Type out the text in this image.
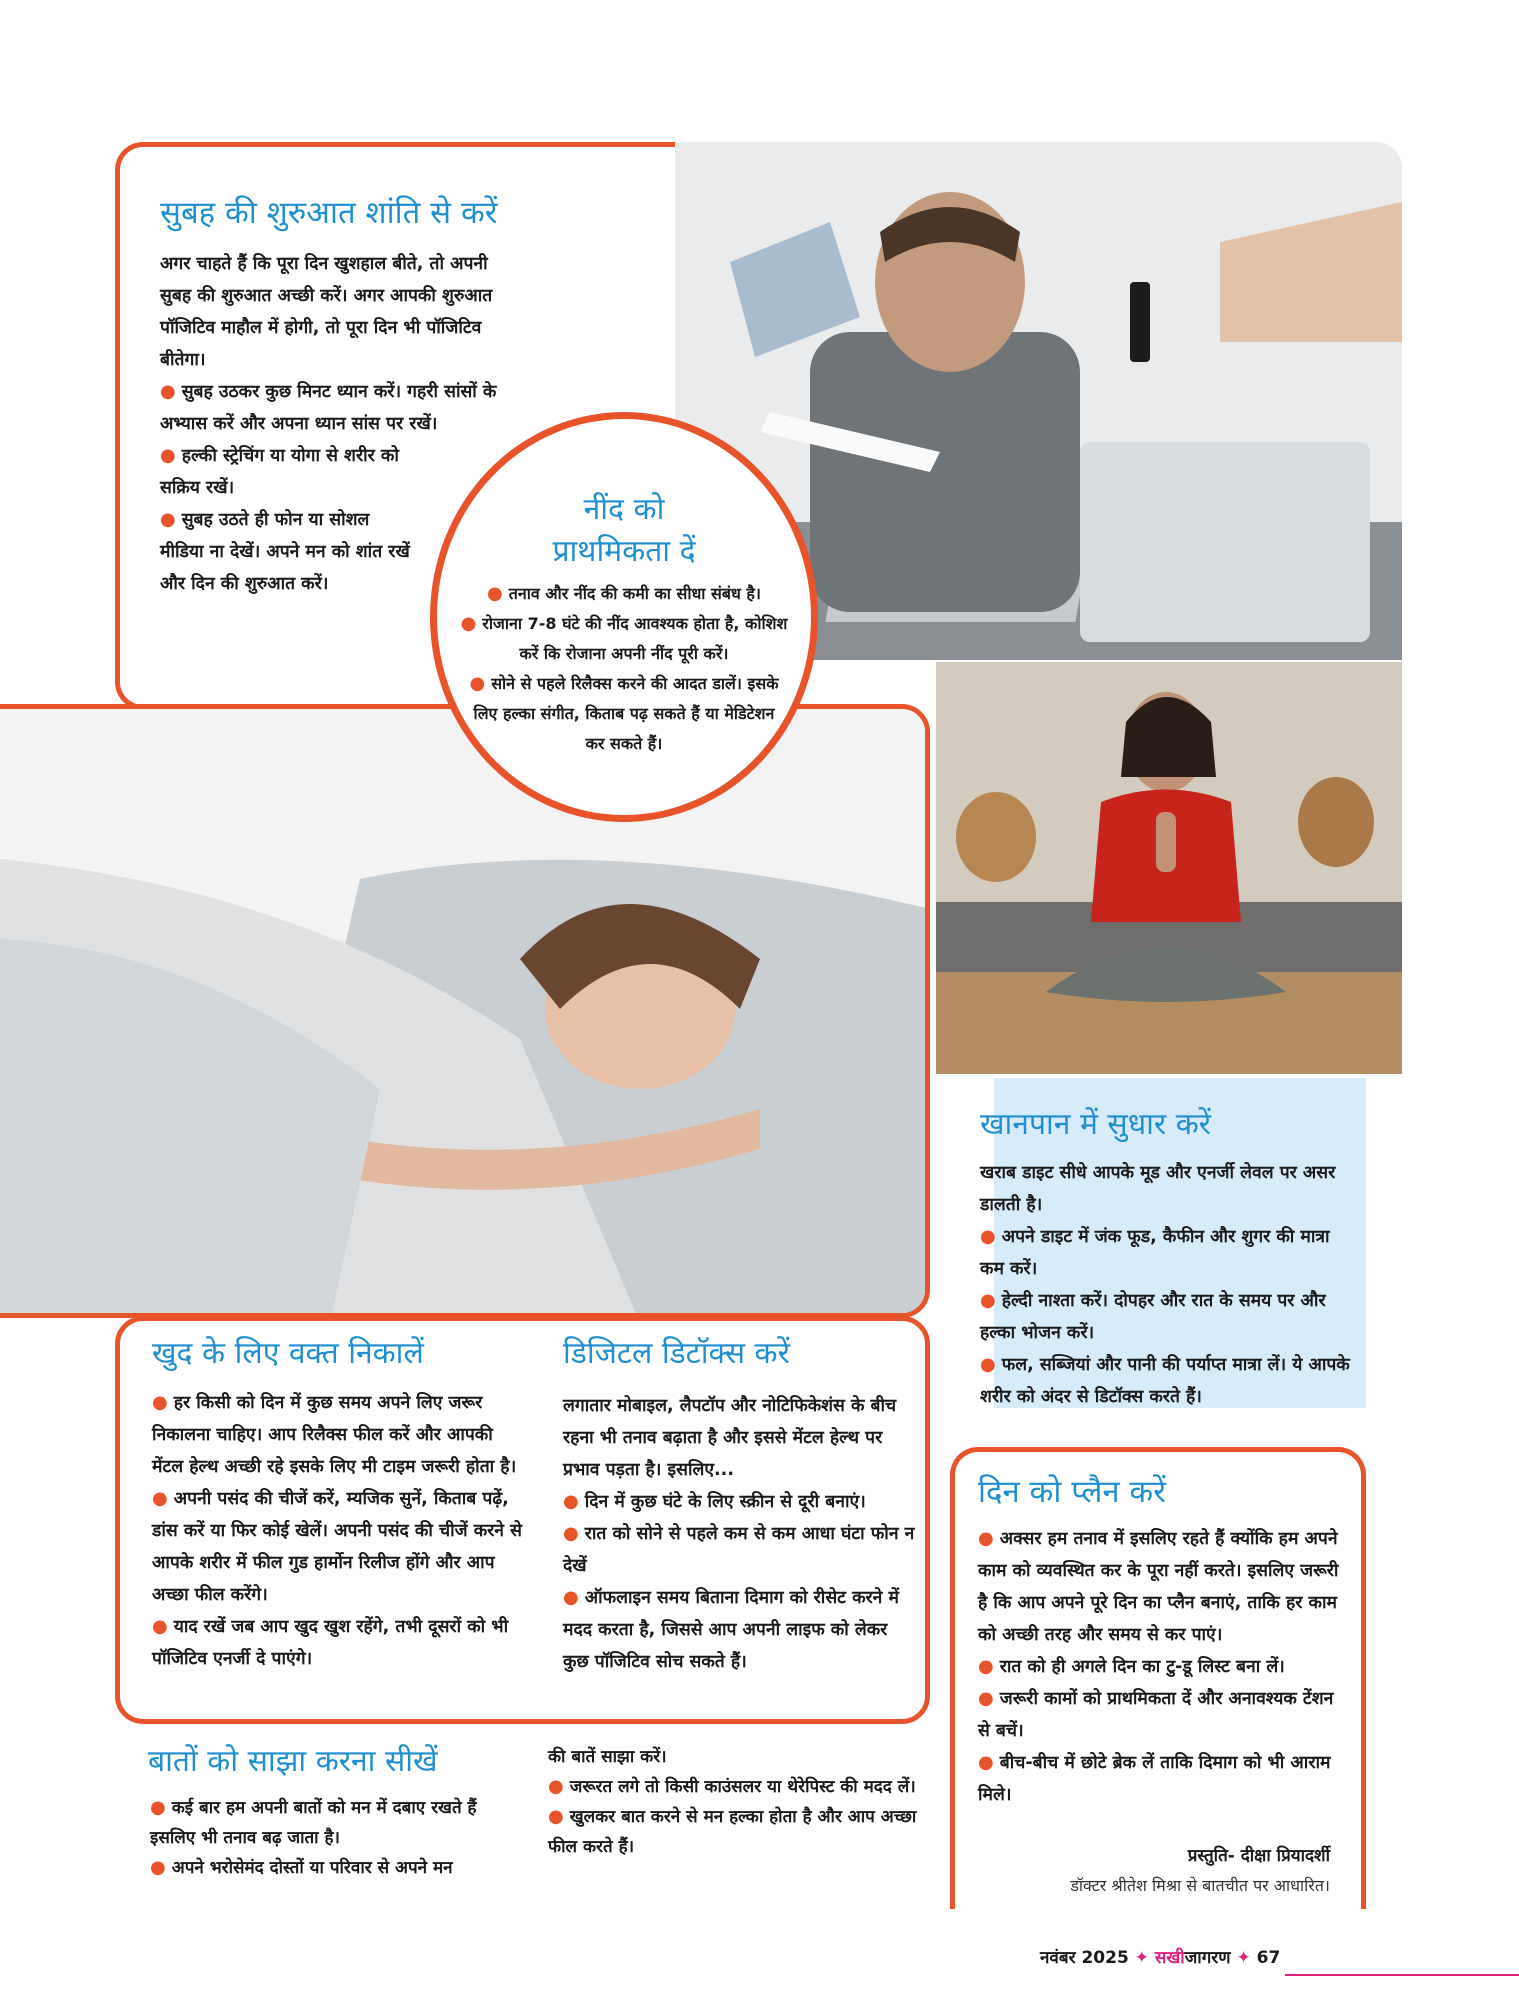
सुबह की शुरुआत शांति से करें

अगर चाहते हैं कि पूरा दिन खुशहाल बीते, तो अपनी सुबह की शुरुआत अच्छी करें। अगर आपकी शुरुआत पॉजिटिव माहौल में होगी, तो पूरा दिन भी पॉजिटिव बीतेगा।

● सुबह उठकर कुछ मिनट ध्यान करें। गहरी सांसों के अभ्यास करें और अपना ध्यान सांस पर रखें।

● हल्की स्ट्रेचिंग या योगा से शरीर को सक्रिय रखें।

● सुबह उठते ही फोन या सोशल मीडिया ना देखें। अपने मन को शांत रखें और दिन की शुरुआत करें।

नींद को
प्राथमिकता दें

● तनाव और नींद की कमी का सीधा संबंध है।

● रोजाना 7-8 घंटे की नींद आवश्यक होता है, कोशिश करें कि रोजाना अपनी नींद पूरी करें।

● सोने से पहले रिलैक्स करने की आदत डालें। इसके लिए हल्का संगीत, किताब पढ़ सकते हैं या मेडिटेशन कर सकते हैं।

खानपान में सुधार करें

खराब डाइट सीधे आपके मूड और एनर्जी लेवल पर असर डालती है।

● अपने डाइट में जंक फूड, कैफीन और शुगर की मात्रा कम करें।

● हेल्दी नाश्ता करें। दोपहर और रात के समय पर और हल्का भोजन करें।

● फल, सब्जियां और पानी की पर्याप्त मात्रा लें। ये आपके शरीर को अंदर से डिटॉक्स करते हैं।

खुद के लिए वक्त निकालें

● हर किसी को दिन में कुछ समय अपने लिए जरूर निकालना चाहिए। आप रिलैक्स फील करें और आपकी मेंटल हेल्थ अच्छी रहे इसके लिए मी टाइम जरूरी होता है।

● अपनी पसंद की चीजें करें, म्यजिक सुनें, किताब पढ़ें, डांस करें या फिर कोई खेलें। अपनी पसंद की चीजें करने से आपके शरीर में फील गुड हार्मोन रिलीज होंगे और आप अच्छा फील करेंगे।

● याद रखें जब आप खुद खुश रहेंगे, तभी दूसरों को भी पॉजिटिव एनर्जी दे पाएंगे।

डिजिटल डिटॉक्स करें

लगातार मोबाइल, लैपटॉप और नोटिफिकेशंस के बीच रहना भी तनाव बढ़ाता है और इससे मेंटल हेल्थ पर प्रभाव पड़ता है। इसलिए...

● दिन में कुछ घंटे के लिए स्क्रीन से दूरी बनाएं।

● रात को सोने से पहले कम से कम आधा घंटा फोन न देखें

● ऑफलाइन समय बिताना दिमाग को रीसेट करने में मदद करता है, जिससे आप अपनी लाइफ को लेकर कुछ पॉजिटिव सोच सकते हैं।

दिन को प्लैन करें

● अक्सर हम तनाव में इसलिए रहते हैं क्योंकि हम अपने काम को व्यवस्थित कर के पूरा नहीं करते। इसलिए जरूरी है कि आप अपने पूरे दिन का प्लैन बनाएं, ताकि हर काम को अच्छी तरह और समय से कर पाएं।

● रात को ही अगले दिन का टु-डू लिस्ट बना लें।

● जरूरी कामों को प्राथमिकता दें और अनावश्यक टेंशन से बचें।

● बीच-बीच में छोटे ब्रेक लें ताकि दिमाग को भी आराम मिले।

प्रस्तुति- दीक्षा प्रियादर्शी
डॉक्टर श्रीतेश मिश्रा से बातचीत पर आधारित।
बातों को साझा करना सीखें

● कई बार हम अपनी बातों को मन में दबाए रखते हैं इसलिए भी तनाव बढ़ जाता है।

● अपने भरोसेमंद दोस्तों या परिवार से अपने मन

की बातें साझा करें।

● जरूरत लगे तो किसी काउंसलर या थेरेपिस्ट की मदद लें।

● खुलकर बात करने से मन हल्का होता है और आप अच्छा फील करते हैं।

नवंबर 2025 ✦ सखीजागरण ✦ 67
